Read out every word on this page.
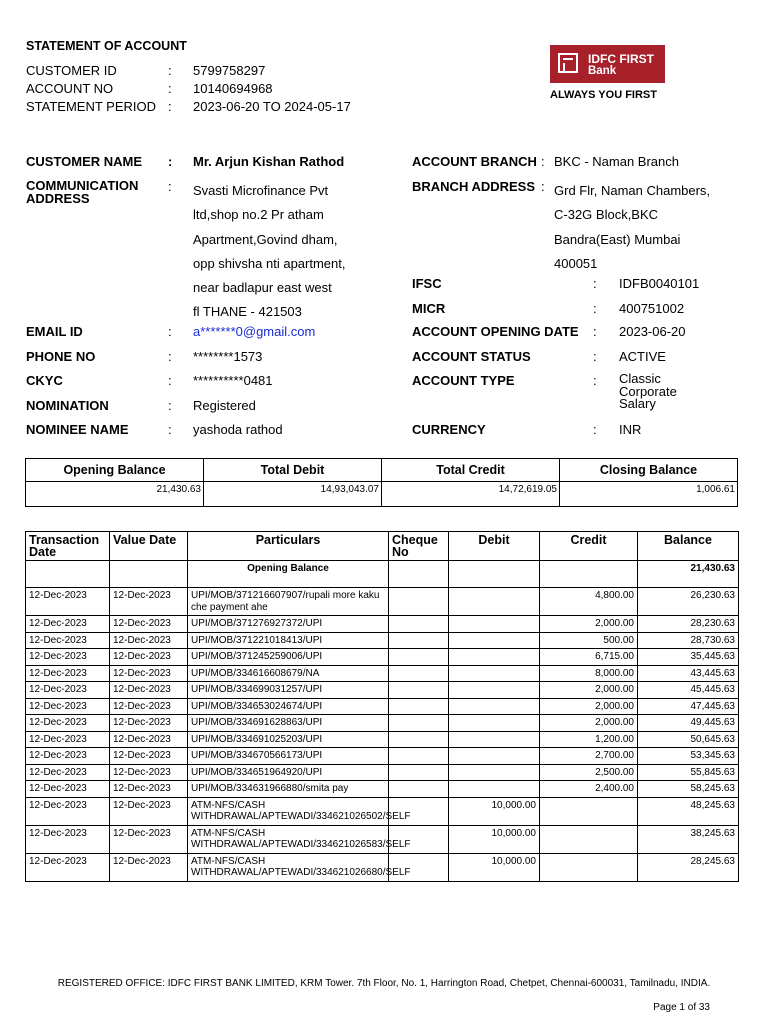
STATEMENT OF ACCOUNT
CUSTOMER ID	: 5799758297
ACCOUNT NO	: 10140694968
STATEMENT PERIOD : 2023-06-20 TO 2024-05-17
IDFC FIRST
Bank
ALWAYS YOU FIRST
CUSTOMER NAME : Mr. Arjun Kishan Rathod
COMMUNICATION
ADDRESS
: Svasti Microfinance Pvt
ltd,shop no.2 Pr atham
Apartment,Govind dham,
opp shivsha nti apartment,
near badlapur east west
fl THANE - 421503
EMAIL ID	: a*******0@gmail.com
PHONE NO	: ********1573
CKYC	: **********0481
NOMINATION	: Registered
NOMINEE NAME	: yashoda rathod
ACCOUNT BRANCH : BKC - Naman Branch
BRANCH ADDRESS : Grd Flr, Naman Chambers,
C-32G Block,BKC
Bandra(East) Mumbai
400051
IFSC	: IDFB0040101
MICR	: 400751002
ACCOUNT OPENING DATE : 2023-06-20
ACCOUNT STATUS	: ACTIVE
ACCOUNT TYPE	: Classic
Corporate
Salary
CURRENCY	: INR
Opening Balance	Total Debit	Total Credit	Closing Balance
21,430.63	14,93,043.07	14,72,619.05	1,006.61
Transaction Date	Value Date	Particulars	Cheque No	Debit	Credit	Balance
		Opening Balance				21,430.63
12-Dec-2023	12-Dec-2023	UPI/MOB/371216607907/rupali more kaku che payment ahe			4,800.00	26,230.63
12-Dec-2023	12-Dec-2023	UPI/MOB/371276927372/UPI			2,000.00	28,230.63
12-Dec-2023	12-Dec-2023	UPI/MOB/371221018413/UPI			500.00	28,730.63
12-Dec-2023	12-Dec-2023	UPI/MOB/371245259006/UPI			6,715.00	35,445.63
12-Dec-2023	12-Dec-2023	UPI/MOB/334616608679/NA			8,000.00	43,445.63
12-Dec-2023	12-Dec-2023	UPI/MOB/334699031257/UPI			2,000.00	45,445.63
12-Dec-2023	12-Dec-2023	UPI/MOB/334653024674/UPI			2,000.00	47,445.63
12-Dec-2023	12-Dec-2023	UPI/MOB/334691628863/UPI			2,000.00	49,445.63
12-Dec-2023	12-Dec-2023	UPI/MOB/334691025203/UPI			1,200.00	50,645.63
12-Dec-2023	12-Dec-2023	UPI/MOB/334670566173/UPI			2,700.00	53,345.63
12-Dec-2023	12-Dec-2023	UPI/MOB/334651964920/UPI			2,500.00	55,845.63
12-Dec-2023	12-Dec-2023	UPI/MOB/334631966880/smita pay			2,400.00	58,245.63
12-Dec-2023	12-Dec-2023	ATM-NFS/CASH WITHDRAWAL/APTEWADI/334621026502/SELF		10,000.00		48,245.63
12-Dec-2023	12-Dec-2023	ATM-NFS/CASH WITHDRAWAL/APTEWADI/334621026583/SELF		10,000.00		38,245.63
12-Dec-2023	12-Dec-2023	ATM-NFS/CASH WITHDRAWAL/APTEWADI/334621026680/SELF		10,000.00		28,245.63
REGISTERED OFFICE: IDFC FIRST BANK LIMITED, KRM Tower. 7th Floor, No. 1, Harrington Road, Chetpet, Chennai-600031, Tamilnadu, INDIA.
Page 1 of 33
